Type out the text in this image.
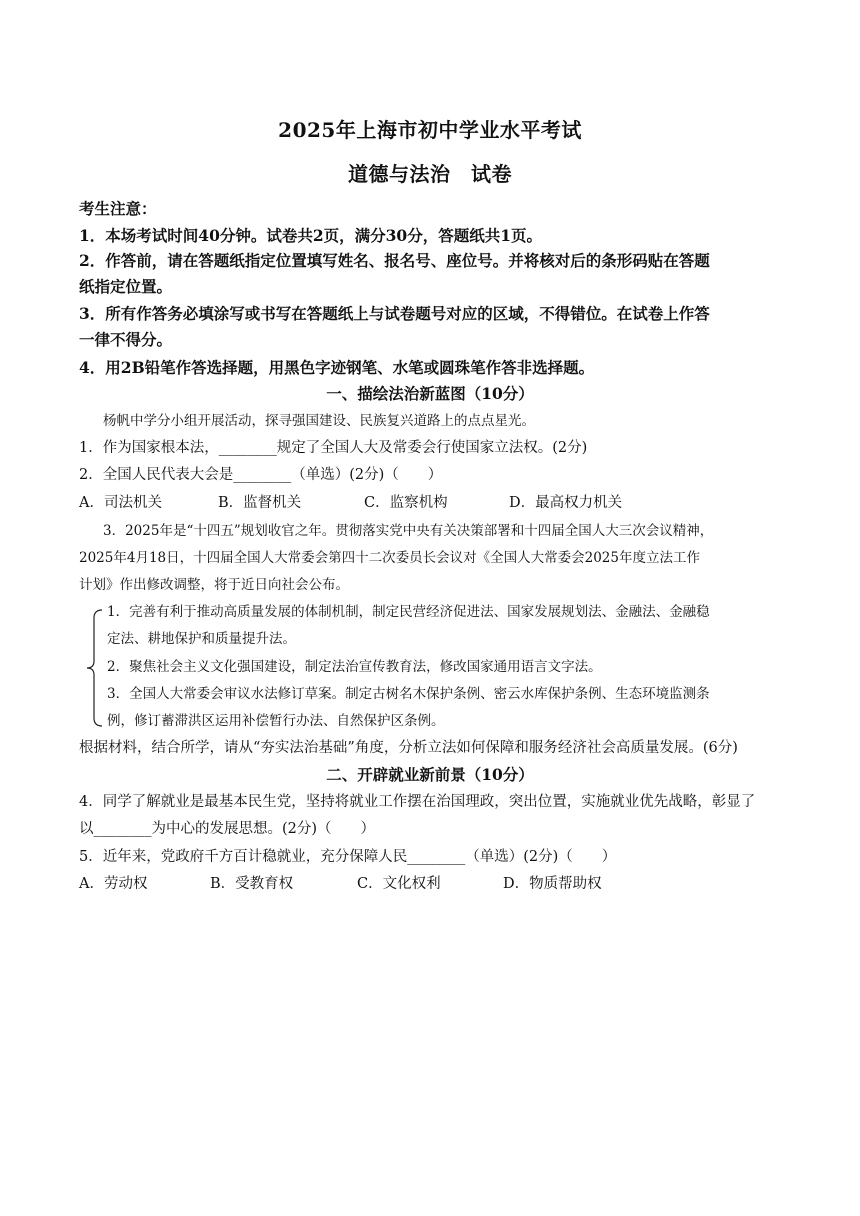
2025年上海市初中学业水平考试
道德与法治　试卷
考生注意：
1．本场考试时间40分钟。试卷共2页，满分30分，答题纸共1页。
2．作答前，请在答题纸指定位置填写姓名、报名号、座位号。并将核对后的条形码贴在答题
纸指定位置。
3．所有作答务必填涂写或书写在答题纸上与试卷题号对应的区域，不得错位。在试卷上作答
一律不得分。
4．用2B铅笔作答选择题，用黑色字迹钢笔、水笔或圆珠笔作答非选择题。
一、描绘法治新蓝图（10分）
杨帆中学分小组开展活动，探寻强国建设、民族复兴道路上的点点星光。
1．作为国家根本法，________规定了全国人大及常委会行使国家立法权。(2分)
2．全国人民代表大会是________（单选）(2分)（　　）
A．司法机关	B．监督机关	C．监察机构	D．最高权力机关
3．2025年是“十四五”规划收官之年。贯彻落实党中央有关决策部署和十四届全国人大三次会议精神，
2025年4月18日，十四届全国人大常委会第四十二次委员长会议对《全国人大常委会2025年度立法工作
计划》作出修改调整，将于近日向社会公布。
1．完善有利于推动高质量发展的体制机制，制定民营经济促进法、国家发展规划法、金融法、金融稳
定法、耕地保护和质量提升法。
2．聚焦社会主义文化强国建设，制定法治宣传教育法，修改国家通用语言文字法。
3．全国人大常委会审议水法修订草案。制定古树名木保护条例、密云水库保护条例、生态环境监测条
例，修订蓄滞洪区运用补偿暂行办法、自然保护区条例。
根据材料，结合所学，请从“夯实法治基础”角度，分析立法如何保障和服务经济社会高质量发展。(6分)
二、开辟就业新前景（10分）
4．同学了解就业是最基本民生党，坚持将就业工作摆在治国理政，突出位置，实施就业优先战略，彰显了
以________为中心的发展思想。(2分)（　　）
5．近年来，党政府千方百计稳就业，充分保障人民________（单选）(2分)（　　）
A．劳动权	B．受教育权	C．文化权利	D．物质帮助权
